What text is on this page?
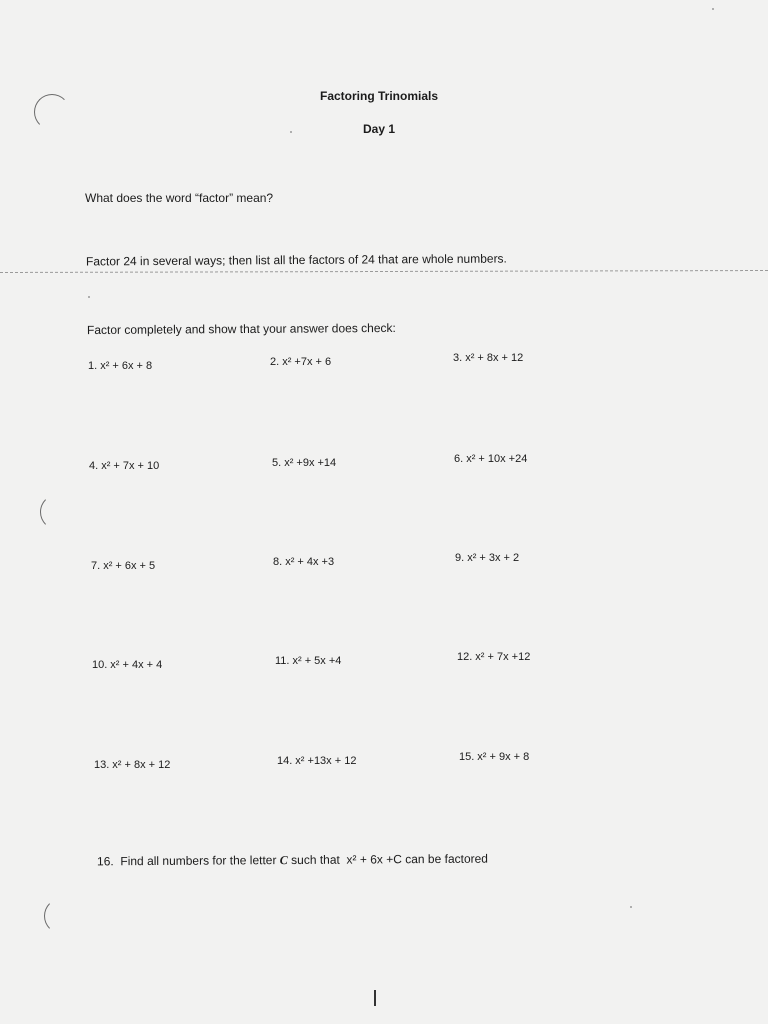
Factoring Trinomials
Day 1
What does the word “factor” mean?
Factor 24 in several ways; then list all the factors of 24 that are whole numbers.
Factor completely and show that your answer does check:
1. x² + 6x + 8	2. x² +7x + 6	3. x² + 8x + 12
4. x² + 7x + 10	5. x² +9x +14	6. x² + 10x +24
7. x² + 6x + 5	8. x² + 4x +3	9. x² + 3x + 2
10. x² + 4x + 4	11. x² + 5x +4	12. x² + 7x +12
13. x² + 8x + 12	14. x² +13x + 12	15. x² + 9x + 8
16. Find all numbers for the letter C such that x² + 6x +C can be factored
